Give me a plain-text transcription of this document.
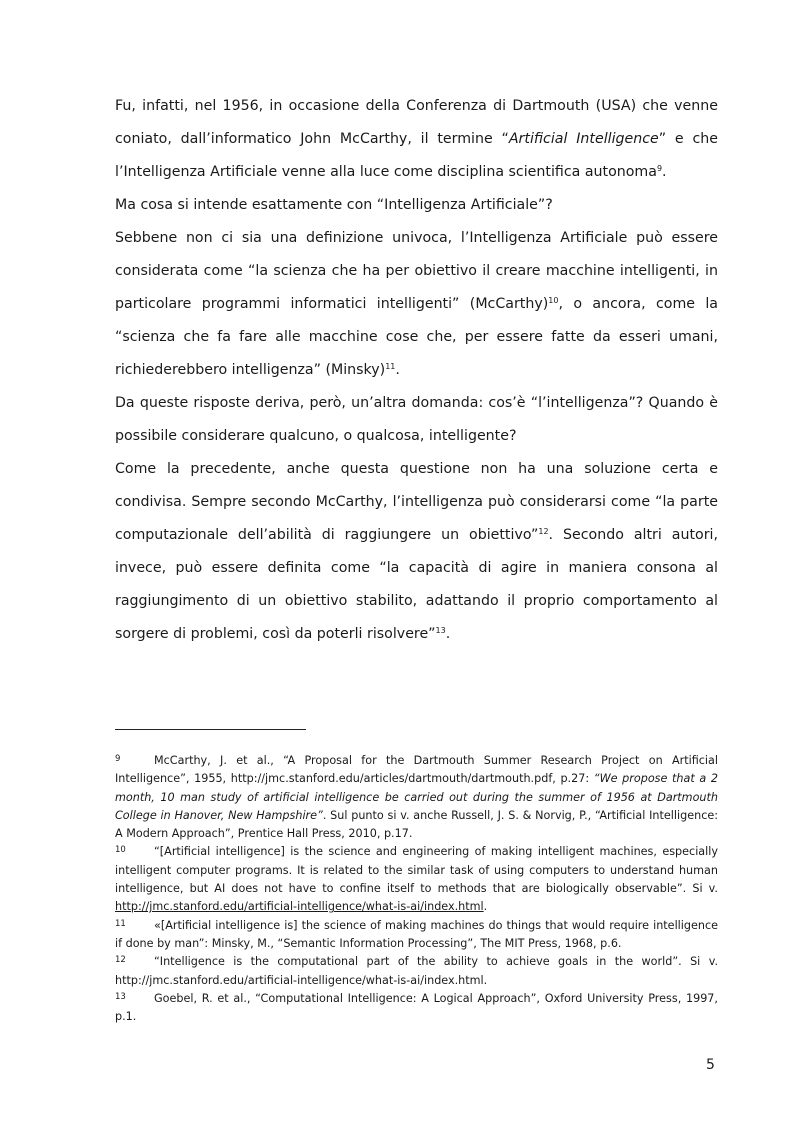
Fu, infatti, nel 1956, in occasione della Conferenza di Dartmouth (USA) che venne coniato, dall’informatico John McCarthy, il termine “Artificial Intelligence” e che l’Intelligenza Artificiale venne alla luce come disciplina scientifica autonoma$^9$.

Ma cosa si intende esattamente con “Intelligenza Artificiale”?

Sebbene non ci sia una definizione univoca, l’Intelligenza Artificiale può essere considerata come “la scienza che ha per obiettivo il creare macchine intelligenti, in particolare programmi informatici intelligenti” (McCarthy)$^{10}$, o ancora, come la “scienza che fa fare alle macchine cose che, per essere fatte da esseri umani, richiederebbero intelligenza” (Minsky)$^{11}$.

Da queste risposte deriva, però, un’altra domanda: cos’è “l’intelligenza”? Quando è possibile considerare qualcuno, o qualcosa, intelligente?

Come la precedente, anche questa questione non ha una soluzione certa e condivisa. Sempre secondo McCarthy, l’intelligenza può considerarsi come “la parte computazionale dell’abilità di raggiungere un obiettivo”$^{12}$. Secondo altri autori, invece, può essere definita come “la capacità di agire in maniera consona al raggiungimento di un obiettivo stabilito, adattando il proprio comportamento al sorgere di problemi, così da poterli risolvere”$^{13}$.

9	McCarthy, J. et al., “A Proposal for the Dartmouth Summer Research Project on Artificial Intelligence”, 1955, http://jmc.stanford.edu/articles/dartmouth/dartmouth.pdf, p.27: “We propose that a 2 month, 10 man study of artificial intelligence be carried out during the summer of 1956 at Dartmouth College in Hanover, New Hampshire”. Sul punto si v. anche Russell, J. S. & Norvig, P., “Artificial Intelligence: A Modern Approach”, Prentice Hall Press, 2010, p.17.

10	“[Artificial intelligence] is the science and engineering of making intelligent machines, especially intelligent computer programs. It is related to the similar task of using computers to understand human intelligence, but AI does not have to confine itself to methods that are biologically observable”. Si v. http://jmc.stanford.edu/artificial-intelligence/what-is-ai/index.html.

11	«[Artificial intelligence is] the science of making machines do things that would require intelligence if done by man”: Minsky, M., “Semantic Information Processing”, The MIT Press, 1968, p.6.

12	“Intelligence is the computational part of the ability to achieve goals in the world”. Si v. http://jmc.stanford.edu/artificial-intelligence/what-is-ai/index.html.

13	Goebel, R. et al., “Computational Intelligence: A Logical Approach”, Oxford University Press, 1997, p.1.

5
